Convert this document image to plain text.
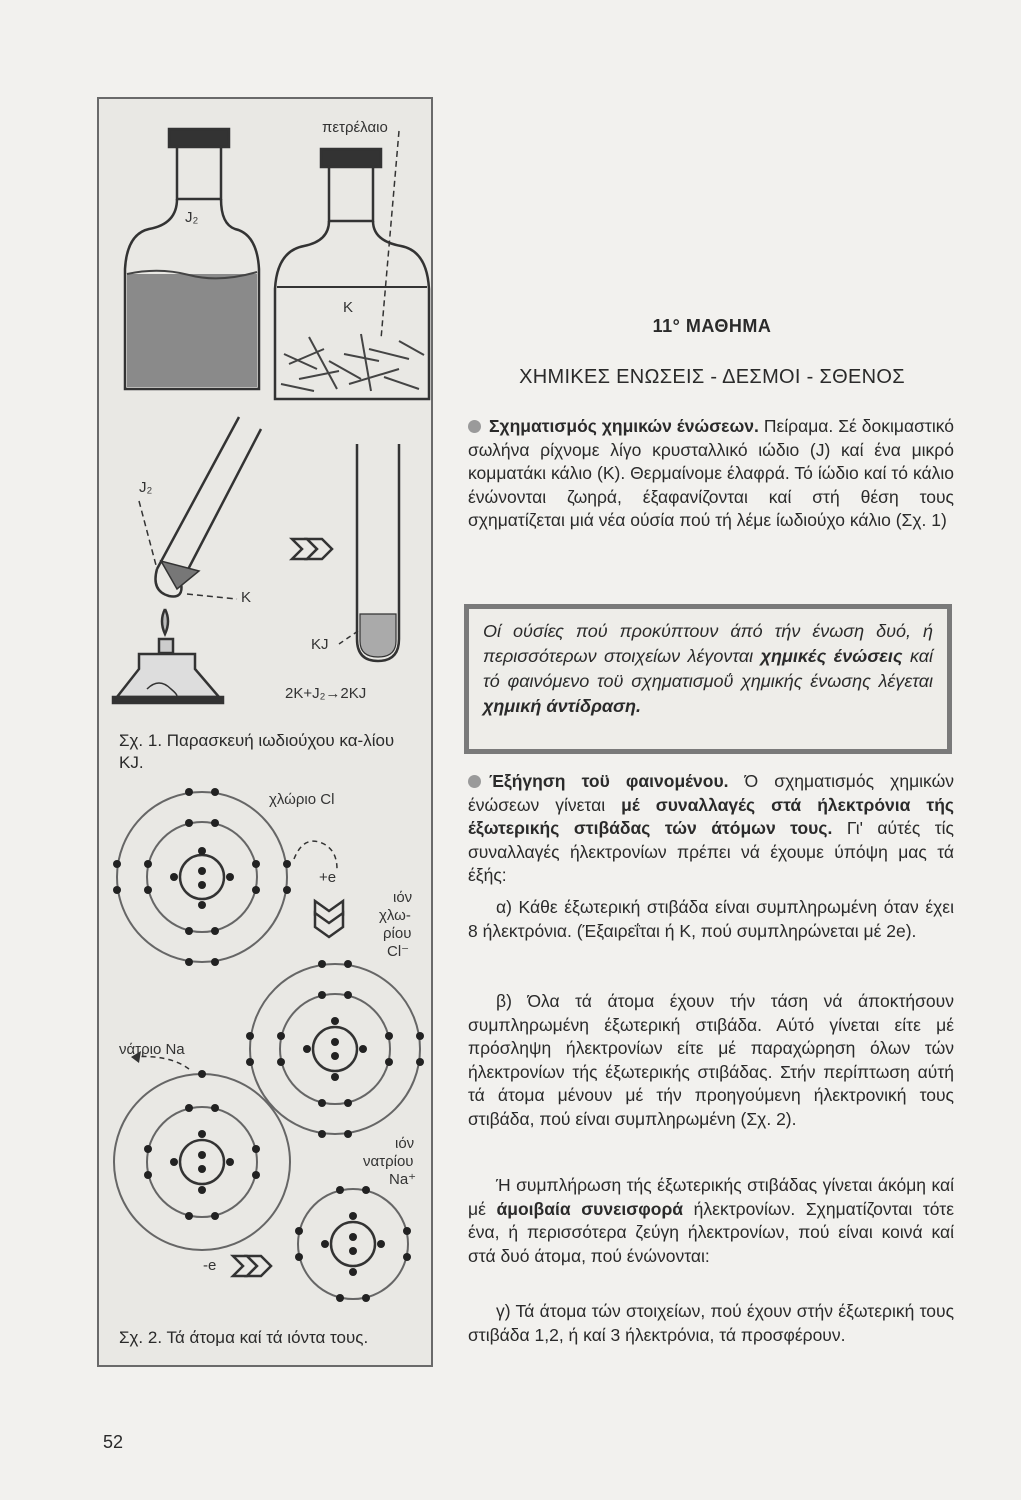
πετρέλαιο
J₂
K
J₂
K
KJ
2K+J₂→2KJ
Σχ. 1. Παρασκευή ιωδιούχου κα-λίου KJ.
χλώριο Cl
+e
ιόν
χλω-
ρίου
Cl⁻
νάτριο Na
ιόν
νατρίου
Na⁺
-e
Σχ. 2. Τά άτομα καί τά ιόντα τους.
11° ΜΑΘΗΜΑ
ΧΗΜΙΚΕΣ ΕΝΩΣΕΙΣ - ΔΕΣΜΟΙ - ΣΘΕΝΟΣ
Σχηματισμός χημικών ένώσεων. Πείραμα. Σέ δοκιμαστικό σωλήνα ρίχνομε λίγο κρυσταλλικό ιώδιο (J) καί ένα μικρό κομματάκι κάλιο (K). Θερμαίνομε έλαφρά. Τό ίώδιο καί τό κάλιο ένώνονται ζωηρά, έξαφανίζονται καί στή θέση τους σχηματίζεται μιά νέα ούσία πού τή λέμε ίωδιούχο κάλιο (Σχ. 1)
Οί ούσίες πού προκύπτουν άπό τήν ένωση δυό, ή περισσότερων στοιχείων λέγονται χημικές ένώσεις καί τό φαινόμενο τοϋ σχηματισμοΰ χημικής ένωσης λέγεται χημική άντίδραση.
Έξήγηση τοϋ φαινομένου. Ό σχηματισμός χημικών ένώσεων γίνεται μέ συναλλαγές στά ήλεκτρόνια τής έξωτερικής στιβάδας τών άτόμων τους. Γι' αύτές τίς συναλλαγές ήλεκτρονίων πρέπει νά έχουμε ύπόψη μας τά έξής:
α) Κάθε έξωτερική στιβάδα είναι συμπληρωμένη όταν έχει 8 ήλεκτρόνια. (Έξαιρεΐται ή K, πού συμπληρώνεται μέ 2e).
β) Όλα τά άτομα έχουν τήν τάση νά άποκτήσουν συμπληρωμένη έξωτερική στιβάδα. Αύτό γίνεται είτε μέ πρόσληψη ήλεκτρονίων είτε μέ παραχώρηση όλων τών ήλεκτρονίων τής έξωτερικής στιβάδας. Στήν περίπτωση αύτή τά άτομα μένουν μέ τήν προηγούμενη ήλεκτρονική τους στιβάδα, πού είναι συμπληρωμένη (Σχ. 2).
Ή συμπλήρωση τής έξωτερικής στιβάδας γίνεται άκόμη καί μέ άμοιβαία συνεισφορά ήλεκτρονίων. Σχηματίζονται τότε ένα, ή περισσότερα ζεύγη ήλεκτρονίων, πού είναι κοινά καί στά δυό άτομα, πού ένώνονται:
γ) Τά άτομα τών στοιχείων, πού έχουν στήν έξωτερική τους στιβάδα 1,2, ή καί 3 ήλεκτρόνια, τά προσφέρουν.
52
